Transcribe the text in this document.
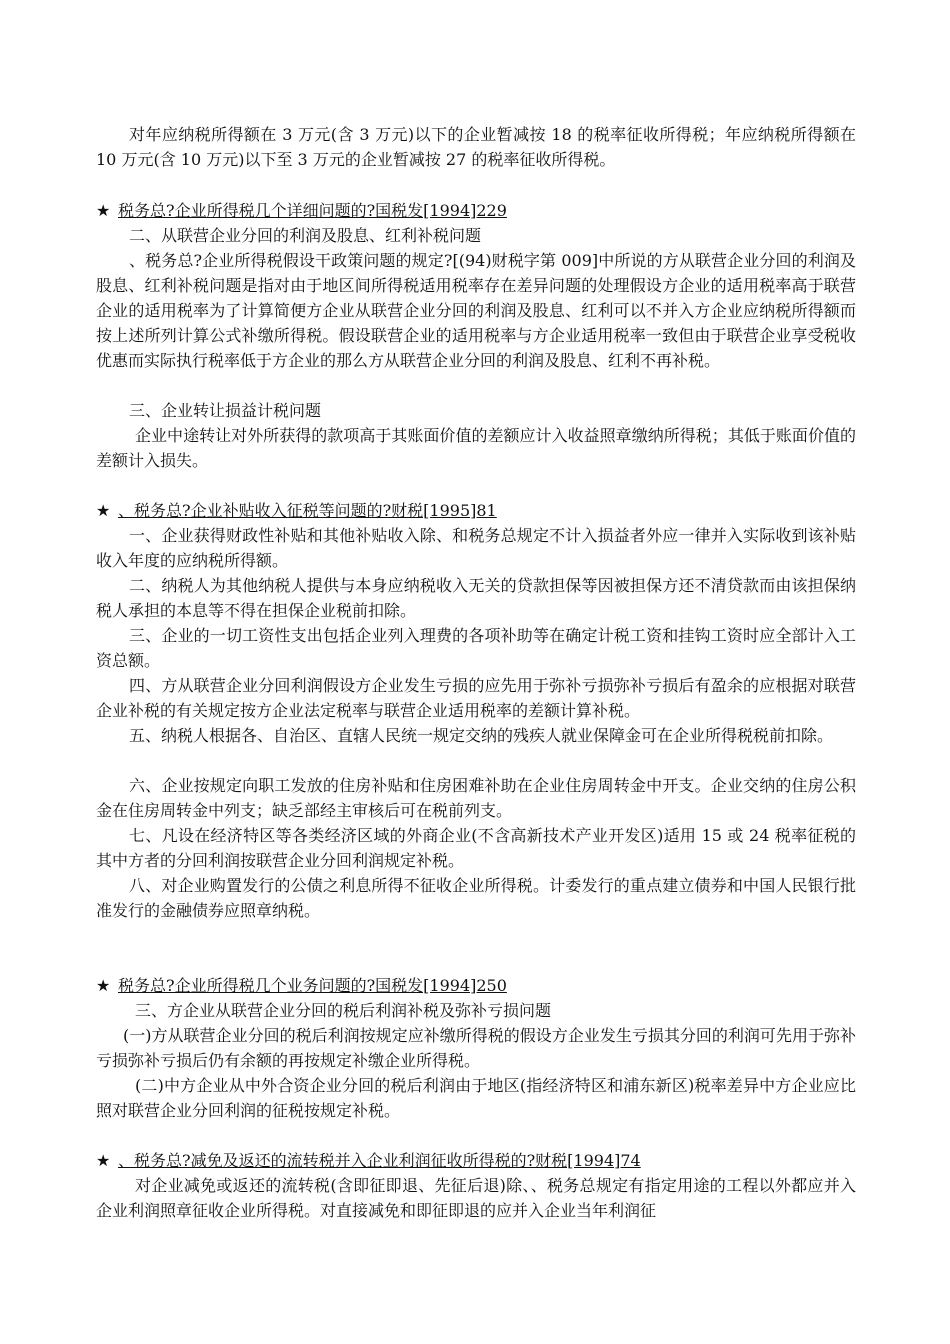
对年应纳税所得额在 3 万元(含 3 万元)以下的企业暂减按 18 的税率征收所得税；年应纳税所得额在 10 万元(含 10 万元)以下至 3 万元的企业暂减按 27 的税率征收所得税。

★ 税务总?企业所得税几个详细问题的?国税发[1994]229

二、从联营企业分回的利润及股息、红利补税问题

、税务总?企业所得税假设干政策问题的规定?[(94)财税字第 009]中所说的方从联营企业分回的利润及股息、红利补税问题是指对由于地区间所得税适用税率存在差异问题的处理假设方企业的适用税率高于联营企业的适用税率为了计算简便方企业从联营企业分回的利润及股息、红利可以不并入方企业应纳税所得额而按上述所列计算公式补缴所得税。假设联营企业的适用税率与方企业适用税率一致但由于联营企业享受税收优惠而实际执行税率低于方企业的那么方从联营企业分回的利润及股息、红利不再补税。

三、企业转让损益计税问题

企业中途转让对外所获得的款项高于其账面价值的差额应计入收益照章缴纳所得税；其低于账面价值的差额计入损失。

★ 、税务总?企业补贴收入征税等问题的?财税[1995]81

一、企业获得财政性补贴和其他补贴收入除、和税务总规定不计入损益者外应一律并入实际收到该补贴收入年度的应纳税所得额。

二、纳税人为其他纳税人提供与本身应纳税收入无关的贷款担保等因被担保方还不清贷款而由该担保纳税人承担的本息等不得在担保企业税前扣除。

三、企业的一切工资性支出包括企业列入理费的各项补助等在确定计税工资和挂钩工资时应全部计入工资总额。

四、方从联营企业分回利润假设方企业发生亏损的应先用于弥补亏损弥补亏损后有盈余的应根据对联营企业补税的有关规定按方企业法定税率与联营企业适用税率的差额计算补税。

五、纳税人根据各、自治区、直辖人民统一规定交纳的残疾人就业保障金可在企业所得税税前扣除。

六、企业按规定向职工发放的住房补贴和住房困难补助在企业住房周转金中开支。企业交纳的住房公积金在住房周转金中列支；缺乏部经主审核后可在税前列支。

七、凡设在经济特区等各类经济区域的外商企业(不含高新技术产业开发区)适用 15 或 24 税率征税的其中方者的分回利润按联营企业分回利润规定补税。

八、对企业购置发行的公债之利息所得不征收企业所得税。计委发行的重点建立债券和中国人民银行批准发行的金融债券应照章纳税。

★ 税务总?企业所得税几个业务问题的?国税发[1994]250

三、方企业从联营企业分回的税后利润补税及弥补亏损问题

(一)方从联营企业分回的税后利润按规定应补缴所得税的假设方企业发生亏损其分回的利润可先用于弥补亏损弥补亏损后仍有余额的再按规定补缴企业所得税。

(二)中方企业从中外合资企业分回的税后利润由于地区(指经济特区和浦东新区)税率差异中方企业应比照对联营企业分回利润的征税按规定补税。

★ 、税务总?减免及返还的流转税并入企业利润征收所得税的?财税[1994]74

对企业减免或返还的流转税(含即征即退、先征后退)除、、税务总规定有指定用途的工程以外都应并入企业利润照章征收企业所得税。对直接减免和即征即退的应并入企业当年利润征
